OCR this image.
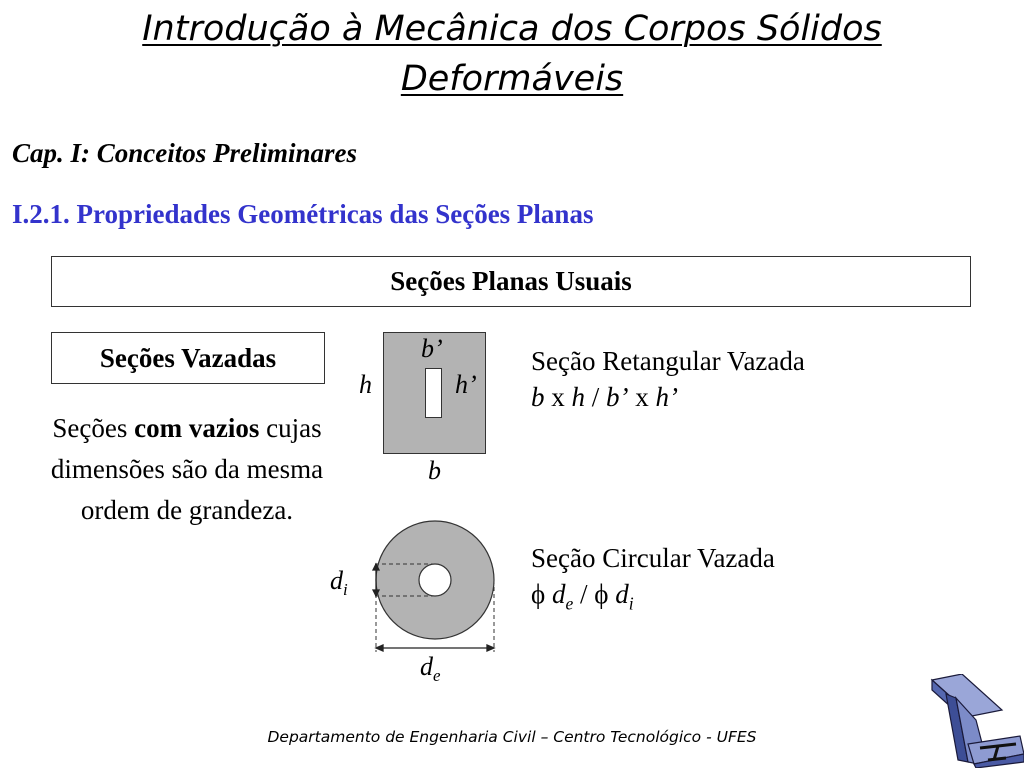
Introdução à Mecânica dos Corpos Sólidos
Deformáveis
Cap. I: Conceitos Preliminares
I.2.1. Propriedades Geométricas das Seções Planas
Seções Planas Usuais
Seções Vazadas
Seções com vazios cujas dimensões são da mesma ordem de grandeza.
b’
h	h’
b
Seção Retangular Vazada
b x h / b’ x h’
$d_i$
$d_e$
Seção Circular Vazada
ϕ $d_e$ / ϕ $d_i$
Departamento de Engenharia Civil – Centro Tecnológico - UFES
